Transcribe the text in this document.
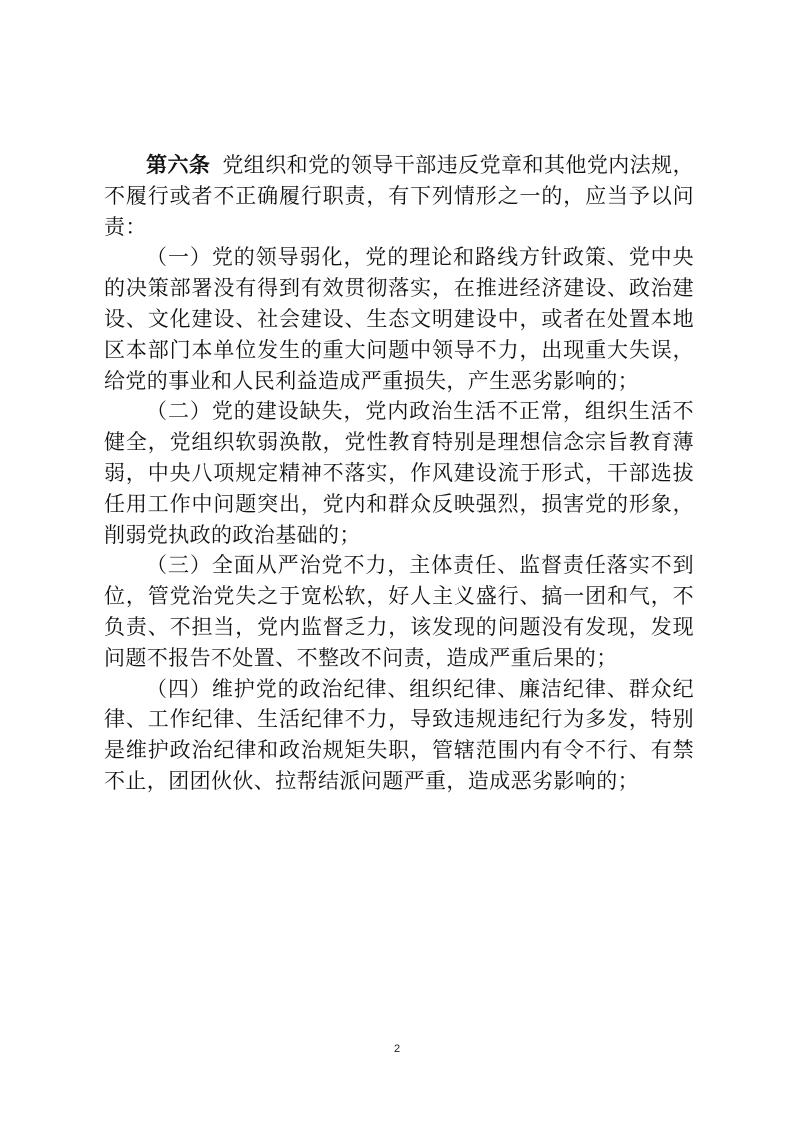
第六条 党组织和党的领导干部违反党章和其他党内法规，不履行或者不正确履行职责，有下列情形之一的，应当予以问责：

（一）党的领导弱化，党的理论和路线方针政策、党中央的决策部署没有得到有效贯彻落实，在推进经济建设、政治建设、文化建设、社会建设、生态文明建设中，或者在处置本地区本部门本单位发生的重大问题中领导不力，出现重大失误，给党的事业和人民利益造成严重损失，产生恶劣影响的；

（二）党的建设缺失，党内政治生活不正常，组织生活不健全，党组织软弱涣散，党性教育特别是理想信念宗旨教育薄弱，中央八项规定精神不落实，作风建设流于形式，干部选拔任用工作中问题突出，党内和群众反映强烈，损害党的形象，削弱党执政的政治基础的；

（三）全面从严治党不力，主体责任、监督责任落实不到位，管党治党失之于宽松软，好人主义盛行、搞一团和气，不负责、不担当，党内监督乏力，该发现的问题没有发现，发现问题不报告不处置、不整改不问责，造成严重后果的；

（四）维护党的政治纪律、组织纪律、廉洁纪律、群众纪律、工作纪律、生活纪律不力，导致违规违纪行为多发，特别是维护政治纪律和政治规矩失职，管辖范围内有令不行、有禁不止，团团伙伙、拉帮结派问题严重，造成恶劣影响的；

2
